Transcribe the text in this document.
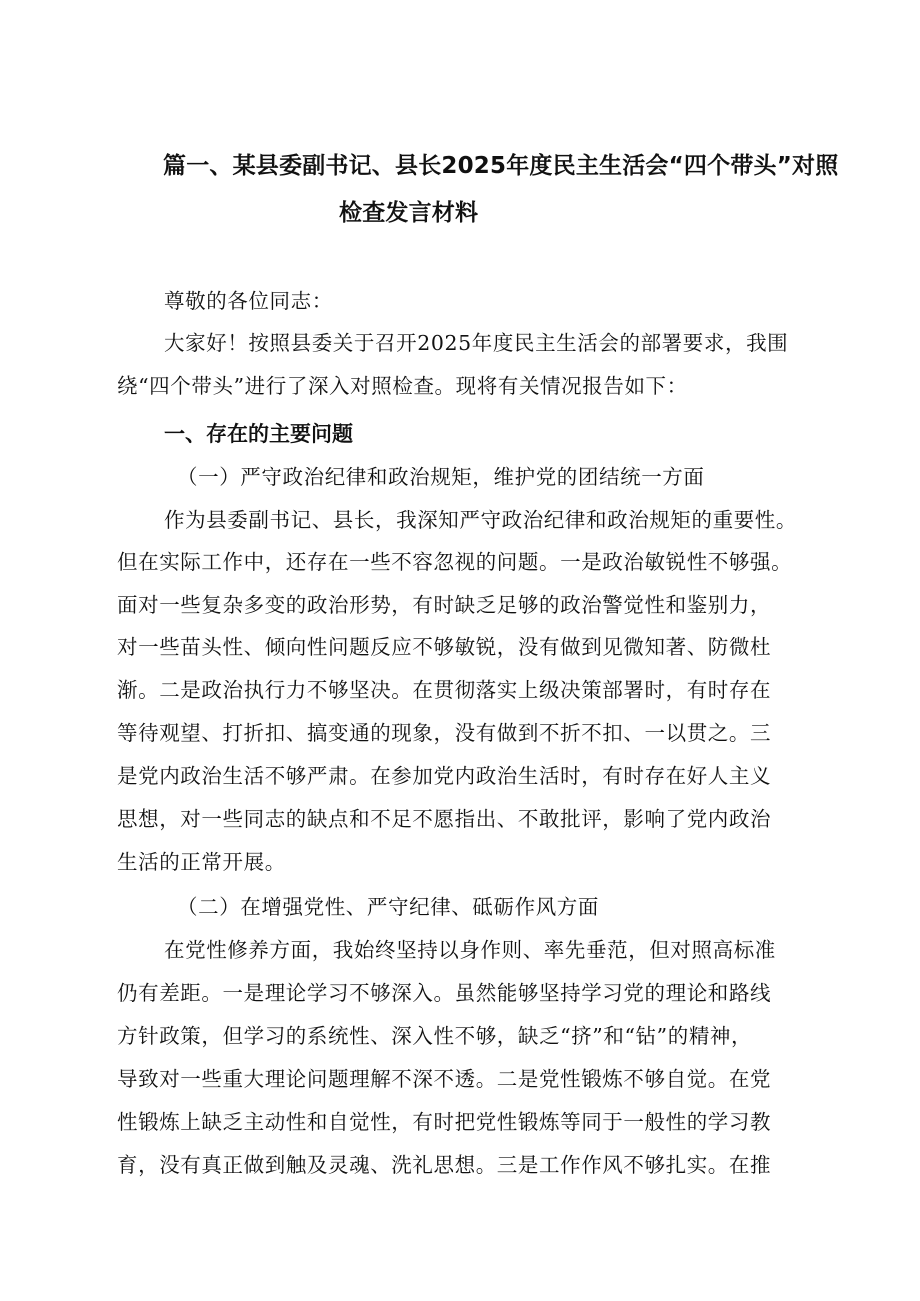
篇一、某县委副书记、县长2025年度民主生活会“四个带头”对照
检查发言材料
尊敬的各位同志：
大家好！按照县委关于召开2025年度民主生活会的部署要求，我围
绕“四个带头”进行了深入对照检查。现将有关情况报告如下：
一、存在的主要问题
（一）严守政治纪律和政治规矩，维护党的团结统一方面
作为县委副书记、县长，我深知严守政治纪律和政治规矩的重要性。
但在实际工作中，还存在一些不容忽视的问题。一是政治敏锐性不够强。
面对一些复杂多变的政治形势，有时缺乏足够的政治警觉性和鉴别力，
对一些苗头性、倾向性问题反应不够敏锐，没有做到见微知著、防微杜
渐。二是政治执行力不够坚决。在贯彻落实上级决策部署时，有时存在
等待观望、打折扣、搞变通的现象，没有做到不折不扣、一以贯之。三
是党内政治生活不够严肃。在参加党内政治生活时，有时存在好人主义
思想，对一些同志的缺点和不足不愿指出、不敢批评，影响了党内政治
生活的正常开展。
（二）在增强党性、严守纪律、砥砺作风方面
在党性修养方面，我始终坚持以身作则、率先垂范，但对照高标准
仍有差距。一是理论学习不够深入。虽然能够坚持学习党的理论和路线
方针政策，但学习的系统性、深入性不够，缺乏“挤”和“钻”的精神，
导致对一些重大理论问题理解不深不透。二是党性锻炼不够自觉。在党
性锻炼上缺乏主动性和自觉性，有时把党性锻炼等同于一般性的学习教
育，没有真正做到触及灵魂、洗礼思想。三是工作作风不够扎实。在推
